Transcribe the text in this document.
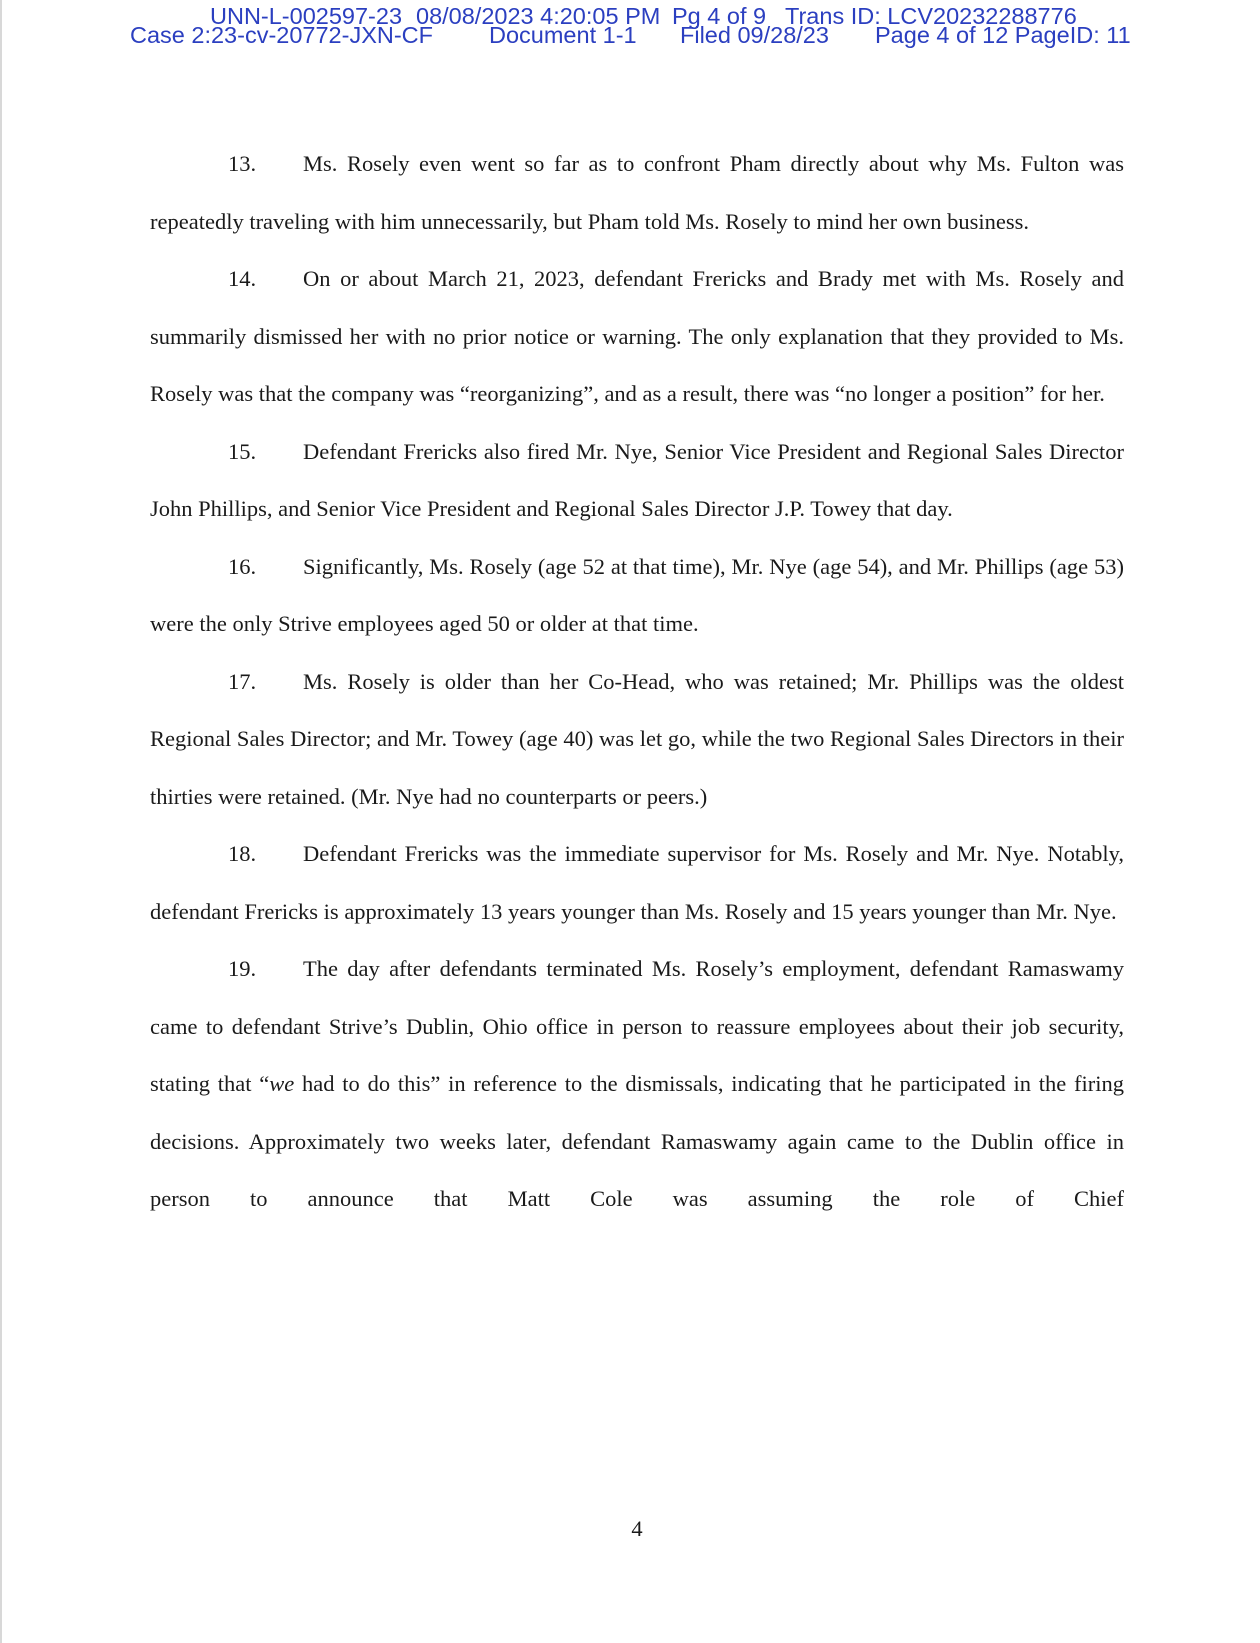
UNN-L-002597-23 08/08/2023 4:20:05 PM Pg 4 of 9 Trans ID: LCV20232288776
Case 2:23-cv-20772-JXN-CF Document 1-1 Filed 09/28/23 Page 4 of 12 PageID: 11

13. Ms. Rosely even went so far as to confront Pham directly about why Ms. Fulton was repeatedly traveling with him unnecessarily, but Pham told Ms. Rosely to mind her own business.

14. On or about March 21, 2023, defendant Frericks and Brady met with Ms. Rosely and summarily dismissed her with no prior notice or warning. The only explanation that they provided to Ms. Rosely was that the company was “reorganizing”, and as a result, there was “no longer a position” for her.

15. Defendant Frericks also fired Mr. Nye, Senior Vice President and Regional Sales Director John Phillips, and Senior Vice President and Regional Sales Director J.P. Towey that day.

16. Significantly, Ms. Rosely (age 52 at that time), Mr. Nye (age 54), and Mr. Phillips (age 53) were the only Strive employees aged 50 or older at that time.

17. Ms. Rosely is older than her Co-Head, who was retained; Mr. Phillips was the oldest Regional Sales Director; and Mr. Towey (age 40) was let go, while the two Regional Sales Directors in their thirties were retained. (Mr. Nye had no counterparts or peers.)

18. Defendant Frericks was the immediate supervisor for Ms. Rosely and Mr. Nye. Notably, defendant Frericks is approximately 13 years younger than Ms. Rosely and 15 years younger than Mr. Nye.

19. The day after defendants terminated Ms. Rosely’s employment, defendant Ramaswamy came to defendant Strive’s Dublin, Ohio office in person to reassure employees about their job security, stating that “we had to do this” in reference to the dismissals, indicating that he participated in the firing decisions. Approximately two weeks later, defendant Ramaswamy again came to the Dublin office in person to announce that Matt Cole was assuming the role of Chief

4
